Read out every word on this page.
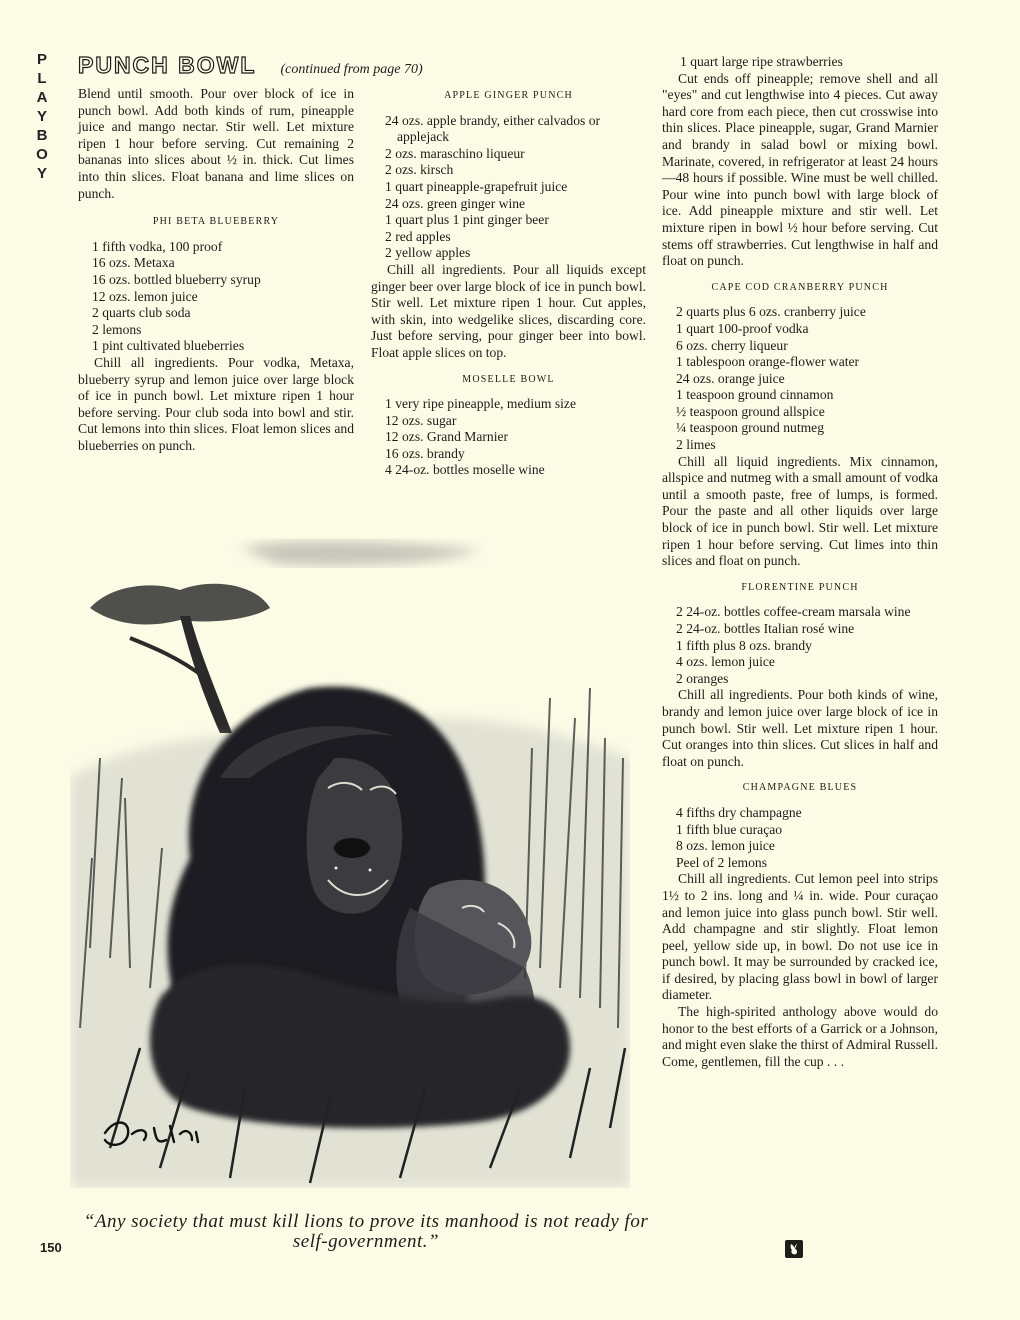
P
L
A
Y
B
O
Y
PUNCH BOWL (continued from page 70)

Blend until smooth. Pour over block of ice in punch bowl. Add both kinds of rum, pineapple juice and mango nectar. Stir well. Let mixture ripen 1 hour before serving. Cut remaining 2 bananas into slices about ½ in. thick. Cut limes into thin slices. Float banana and lime slices on punch.

PHI BETA BLUEBERRY
1 fifth vodka, 100 proof
16 ozs. Metaxa
16 ozs. bottled blueberry syrup
12 ozs. lemon juice
2 quarts club soda
2 lemons
1 pint cultivated blueberries

Chill all ingredients. Pour vodka, Metaxa, blueberry syrup and lemon juice over large block of ice in punch bowl. Let mixture ripen 1 hour before serving. Pour club soda into bowl and stir. Cut lemons into thin slices. Float lemon slices and blueberries on punch.

APPLE GINGER PUNCH
24 ozs. apple brandy, either calvados or applejack
2 ozs. maraschino liqueur
2 ozs. kirsch
1 quart pineapple-grapefruit juice
24 ozs. green ginger wine
1 quart plus 1 pint ginger beer
2 red apples
2 yellow apples

Chill all ingredients. Pour all liquids except ginger beer over large block of ice in punch bowl. Stir well. Let mixture ripen 1 hour. Cut apples, with skin, into wedgelike slices, discarding core. Just before serving, pour ginger beer into bowl. Float apple slices on top.

MOSELLE BOWL
1 very ripe pineapple, medium size
12 ozs. sugar
12 ozs. Grand Marnier
16 ozs. brandy
4 24-oz. bottles moselle wine
1 quart large ripe strawberries

Cut ends off pineapple; remove shell and all "eyes" and cut lengthwise into 4 pieces. Cut away hard core from each piece, then cut crosswise into thin slices. Place pineapple, sugar, Grand Marnier and brandy in salad bowl or mixing bowl. Marinate, covered, in refrigerator at least 24 hours—48 hours if possible. Wine must be well chilled. Pour wine into punch bowl with large block of ice. Add pineapple mixture and stir well. Let mixture ripen in bowl ½ hour before serving. Cut stems off strawberries. Cut lengthwise in half and float on punch.

CAPE COD CRANBERRY PUNCH
2 quarts plus 6 ozs. cranberry juice
1 quart 100-proof vodka
6 ozs. cherry liqueur
1 tablespoon orange-flower water
24 ozs. orange juice
1 teaspoon ground cinnamon
½ teaspoon ground allspice
¼ teaspoon ground nutmeg
2 limes

Chill all liquid ingredients. Mix cinnamon, allspice and nutmeg with a small amount of vodka until a smooth paste, free of lumps, is formed. Pour the paste and all other liquids over large block of ice in punch bowl. Stir well. Let mixture ripen 1 hour before serving. Cut limes into thin slices and float on punch.

FLORENTINE PUNCH
2 24-oz. bottles coffee-cream marsala wine
2 24-oz. bottles Italian rosé wine
1 fifth plus 8 ozs. brandy
4 ozs. lemon juice
2 oranges

Chill all ingredients. Pour both kinds of wine, brandy and lemon juice over large block of ice in punch bowl. Stir well. Let mixture ripen 1 hour. Cut oranges into thin slices. Cut slices in half and float on punch.

CHAMPAGNE BLUES
4 fifths dry champagne
1 fifth blue curaçao
8 ozs. lemon juice
Peel of 2 lemons

Chill all ingredients. Cut lemon peel into strips 1½ to 2 ins. long and ¼ in. wide. Pour curaçao and lemon juice into glass punch bowl. Stir well. Add champagne and stir slightly. Float lemon peel, yellow side up, in bowl. Do not use ice in punch bowl. It may be surrounded by cracked ice, if desired, by placing glass bowl in bowl of larger diameter.

The high-spirited anthology above would do honor to the best efforts of a Garrick or a Johnson, and might even slake the thirst of Admiral Russell. Come, gentlemen, fill the cup . . .

“Any society that must kill lions to prove its manhood is not ready for self-government.”
150
